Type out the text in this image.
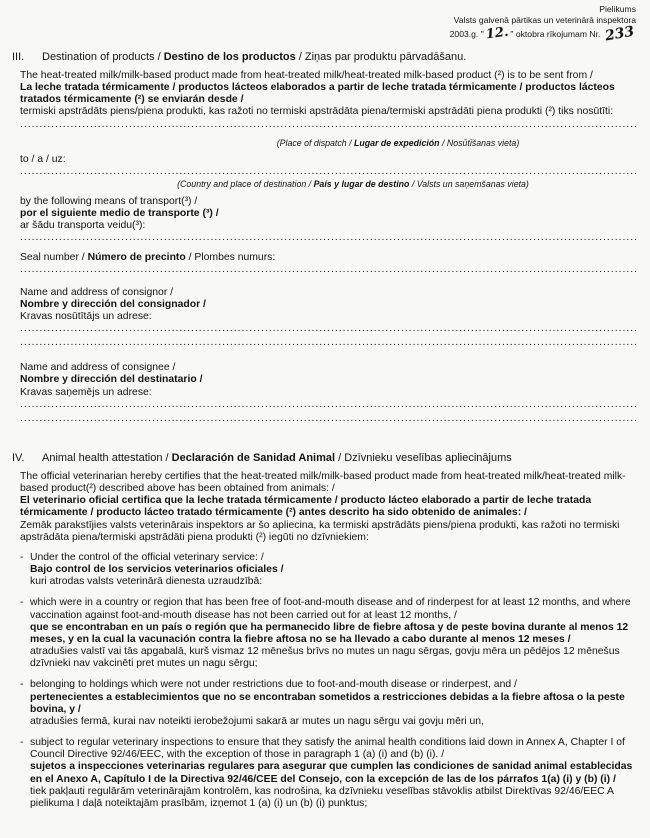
Pielikums
Valsts galvenā pārtikas un veterinārā inspektora
2003.g. "12." oktobra rīkojumam Nr. 233
III.	Destination of products / Destino de los productos / Ziņas par produktu pārvadāšanu.
The heat-treated milk/milk-based product made from heat-treated milk/heat-treated milk-based product (²) is to be sent from /
La leche tratada térmicamente / productos lácteos elaborados a partir de leche tratada térmicamente / productos lácteos tratados térmicamente (²) se enviarán desde /
termiski apstrādāts piens/piena produkti, kas ražoti no termiski apstrādāta piena/termiski apstrādāti piena produkti (²) tiks nosūtīti: .....
(Place of dispatch / Lugar de expedición / Nosūtīšanas vieta)
to / a / uz: .....
(Country and place of destination / País y lugar de destino / Valsts un saņemšanas vieta)
by the following means of transport(³) /
por el siguiente medio de transporte (³) /
ar šādu transporta veidu(³): .....
Seal number / Número de precinto / Plombes numurs: .....
Name and address of consignor /
Nombre y dirección del consignador /
Kravas nosūtītājs un adrese: .....
.....
Name and address of consignee /
Nombre y dirección del destinatario /
Kravas saņemējs un adrese: .....
.....
IV.	Animal health attestation / Declaración de Sanidad Animal / Dzīvnieku veselības apliecinājums
The official veterinarian hereby certifies that the heat-treated milk/milk-based product made from heat-treated milk/heat-treated milk-based product(²) described above has been obtained from animals: /
El veterinario oficial certifica que la leche tratada térmicamente / producto lácteo elaborado a partir de leche tratada térmicamente / producto lácteo tratado térmicamente (²) antes descrito ha sido obtenido de animales: /
Zemāk parakstījies valsts veterinārais inspektors ar šo apliecina, ka termiski apstrādāts piens/piena produkti, kas ražoti no termiski apstrādāta piena/termiski apstrādāti piena produkti (²) iegūti no dzīvniekiem:
- Under the control of the official veterinary service: /
Bajo control de los servicios veterinarios oficiales /
kuri atrodas valsts veterinārā dienesta uzraudzībā:
- which were in a country or region that has been free of foot-and-mouth disease and of rinderpest for at least 12 months, and where vaccination against foot-and-mouth disease has not been carried out for at least 12 months, /
que se encontraban en un país o región que ha permanecido libre de fiebre aftosa y de peste bovina durante al menos 12 meses, y en la cual la vacunación contra la fiebre aftosa no se ha llevado a cabo durante al menos 12 meses /
atradušies valstī vai tās apgabalā, kurš vismaz 12 mēnešus brīvs no mutes un nagu sērgas, govju mēra un pēdējos 12 mēnešus dzīvnieki nav vakcinēti pret mutes un nagu sērgu;
- belonging to holdings which were not under restrictions due to foot-and-mouth disease or rinderpest, and /
pertenecientes a establecimientos que no se encontraban sometidos a restricciones debidas a la fiebre aftosa o la peste bovina, y /
atradušies fermā, kurai nav noteikti ierobežojumi sakarā ar mutes un nagu sērgu vai govju mēri un,
- subject to regular veterinary inspections to ensure that they satisfy the animal health conditions laid down in Annex A, Chapter I of Council Directive 92/46/EEC, with the exception of those in paragraph 1 (a) (i) and (b) (i). /
sujetos a inspecciones veterinarias regulares para asegurar que cumplen las condiciones de sanidad animal establecidas en el Anexo A, Capítulo I de la Directiva 92/46/CEE del Consejo, con la excepción de las de los párrafos 1(a) (i) y (b) (i) /
tiek pakļauti regulārām veterinārajām kontrolēm, kas nodrošina, ka dzīvnieku veselības stāvoklis atbilst Direktīvas 92/46/EEC A pielikuma I daļā noteiktajām prasībām, izņemot 1 (a) (i) un (b) (i) punktus;
